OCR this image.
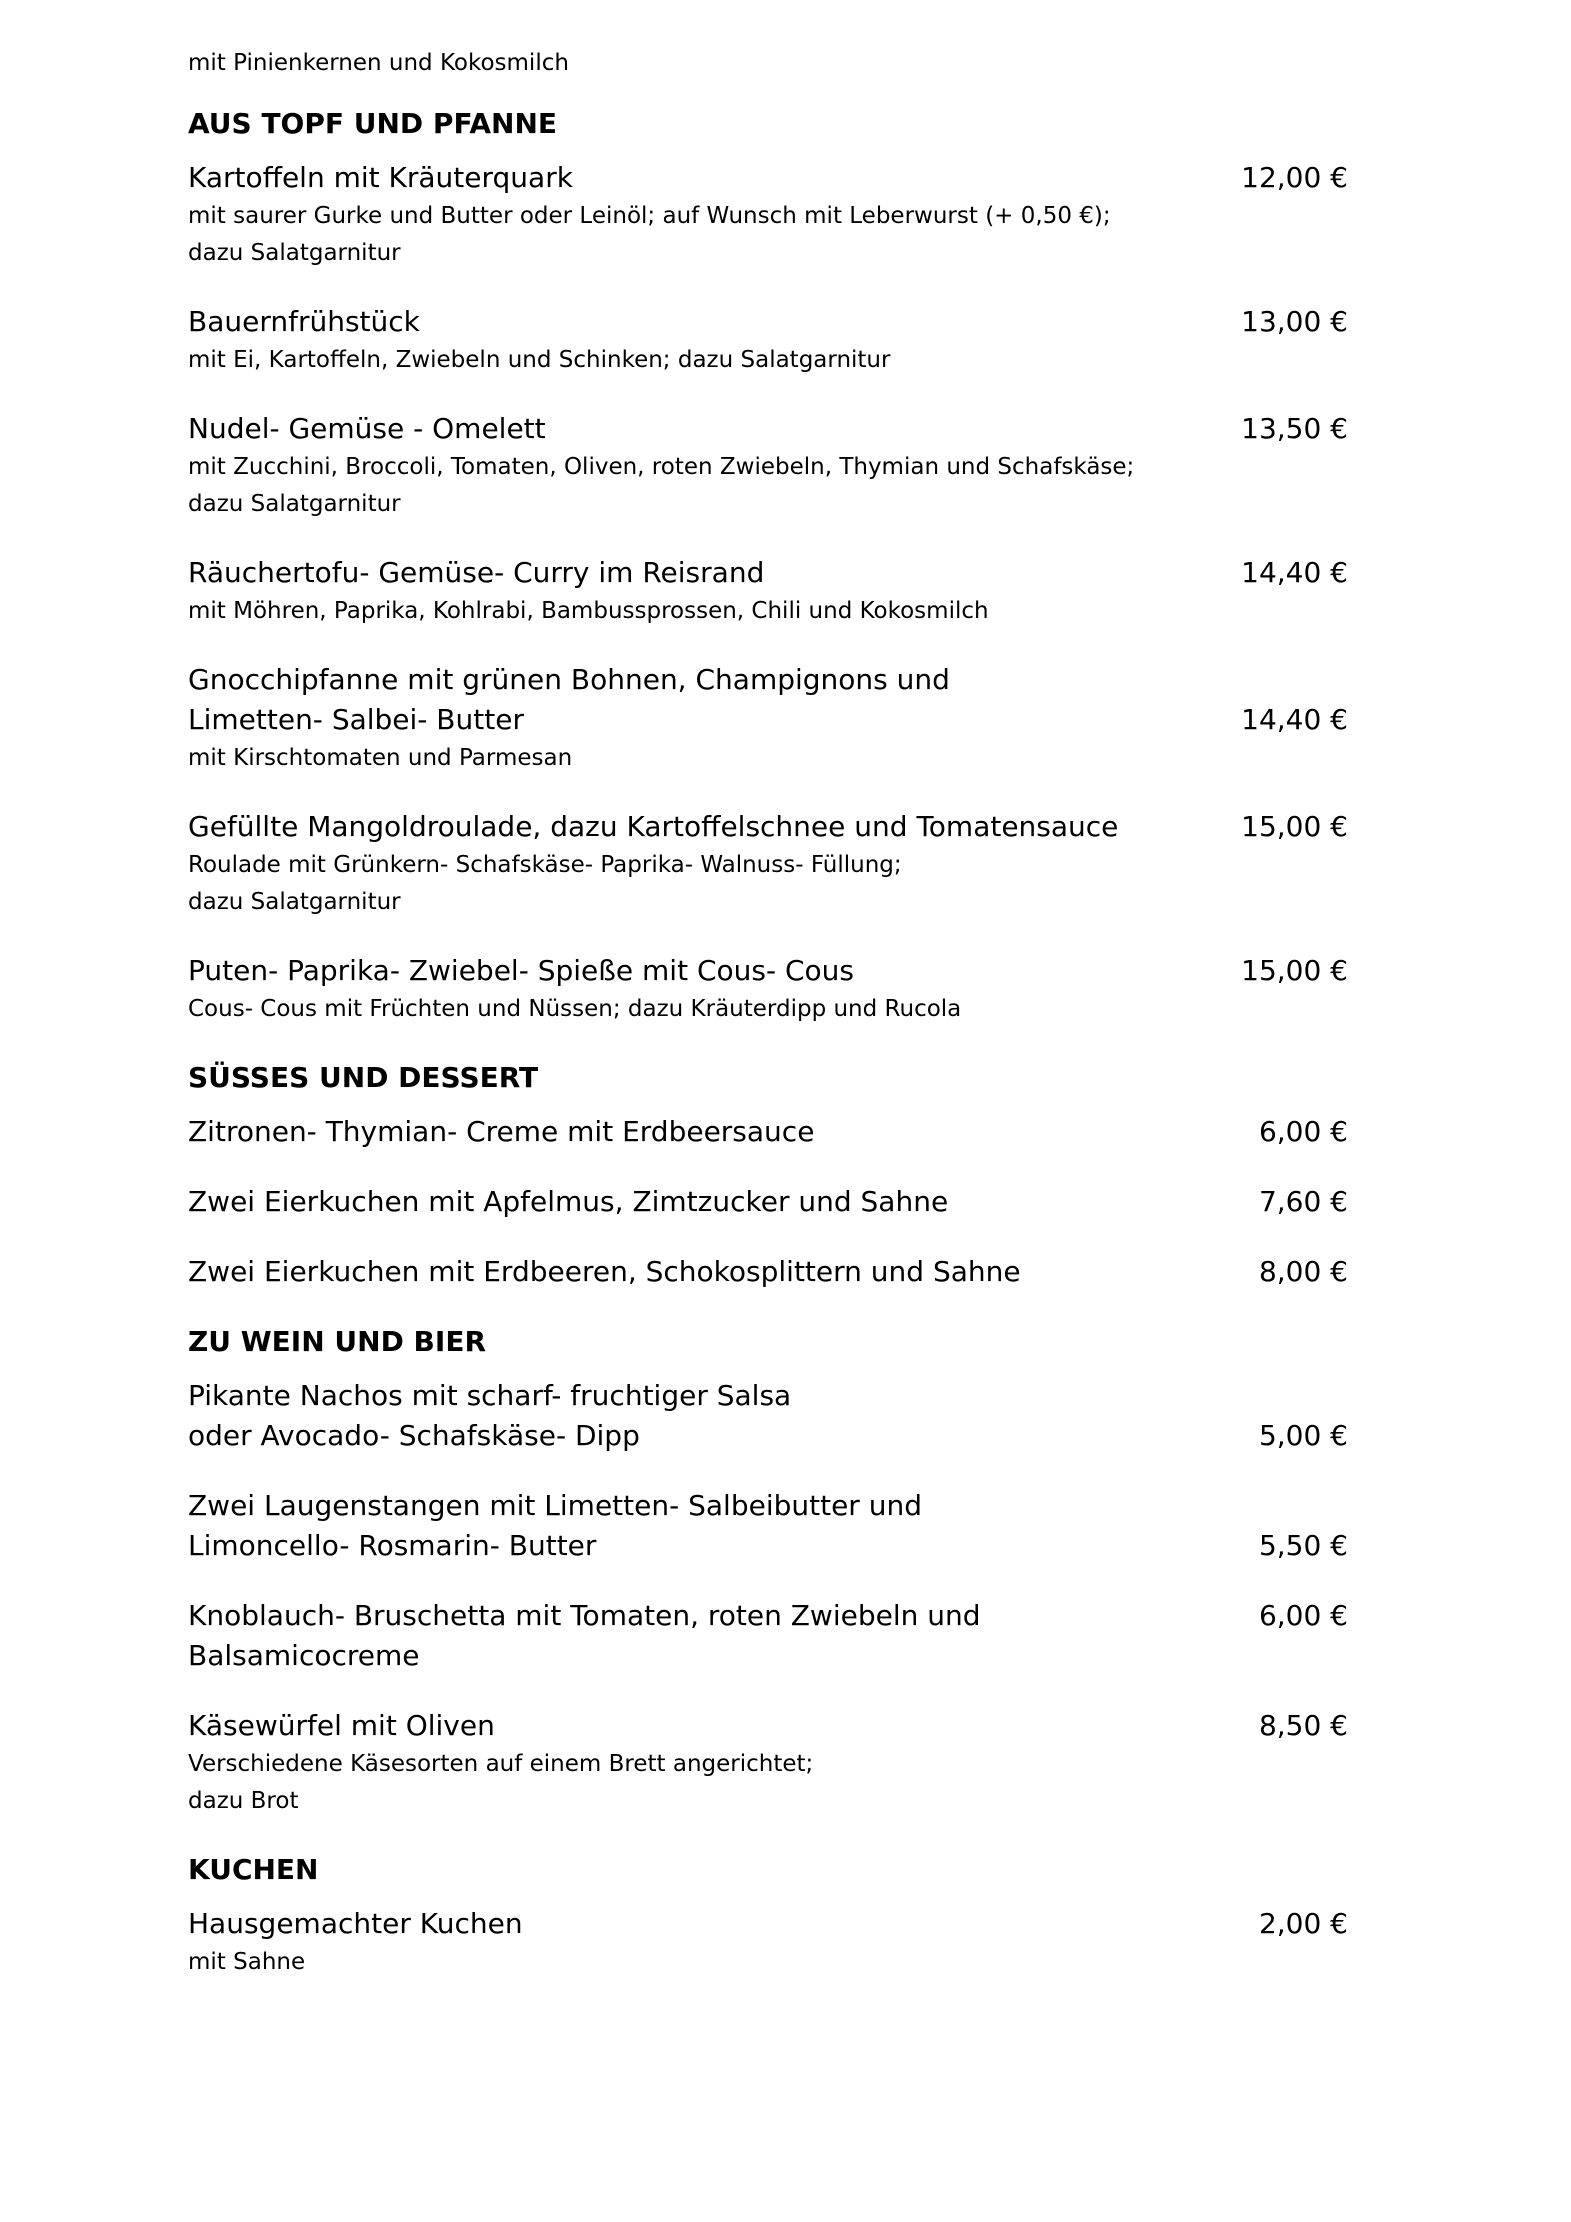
mit Pinienkernen und Kokosmilch

AUS TOPF UND PFANNE
Kartoffeln mit Kräuterquark
mit saurer Gurke und Butter oder Leinöl; auf Wunsch mit Leberwurst (+ 0,50 €);
dazu Salatgarnitur
12,00 €
Bauernfrühstück
mit Ei, Kartoffeln, Zwiebeln und Schinken; dazu Salatgarnitur
13,00 €
Nudel- Gemüse - Omelett
mit Zucchini, Broccoli, Tomaten, Oliven, roten Zwiebeln, Thymian und Schafskäse;
dazu Salatgarnitur
13,50 €
Räuchertofu- Gemüse- Curry im Reisrand
mit Möhren, Paprika, Kohlrabi, Bambussprossen, Chili und Kokosmilch
14,40 €
Gnocchipfanne mit grünen Bohnen, Champignons und
Limetten- Salbei- Butter
mit Kirschtomaten und Parmesan
14,40 €
Gefüllte Mangoldroulade, dazu Kartoffelschnee und Tomatensauce
Roulade mit Grünkern- Schafskäse- Paprika- Walnuss- Füllung;
dazu Salatgarnitur
15,00 €
Puten- Paprika- Zwiebel- Spieße mit Cous- Cous
Cous- Cous mit Früchten und Nüssen; dazu Kräuterdipp und Rucola
15,00 €
SÜSSES UND DESSERT
Zitronen- Thymian- Creme mit Erdbeersauce	6,00 €
Zwei Eierkuchen mit Apfelmus, Zimtzucker und Sahne	7,60 €
Zwei Eierkuchen mit Erdbeeren, Schokosplittern und Sahne	8,00 €
ZU WEIN UND BIER
Pikante Nachos mit scharf- fruchtiger Salsa
oder Avocado- Schafskäse- Dipp	5,00 €
Zwei Laugenstangen mit Limetten- Salbeibutter und
Limoncello- Rosmarin- Butter	5,50 €
Knoblauch- Bruschetta mit Tomaten, roten Zwiebeln und Balsamicocreme
6,00 €
Käsewürfel mit Oliven
Verschiedene Käsesorten auf einem Brett angerichtet;
dazu Brot
8,50 €
KUCHEN
Hausgemachter Kuchen
mit Sahne
2,00 €
